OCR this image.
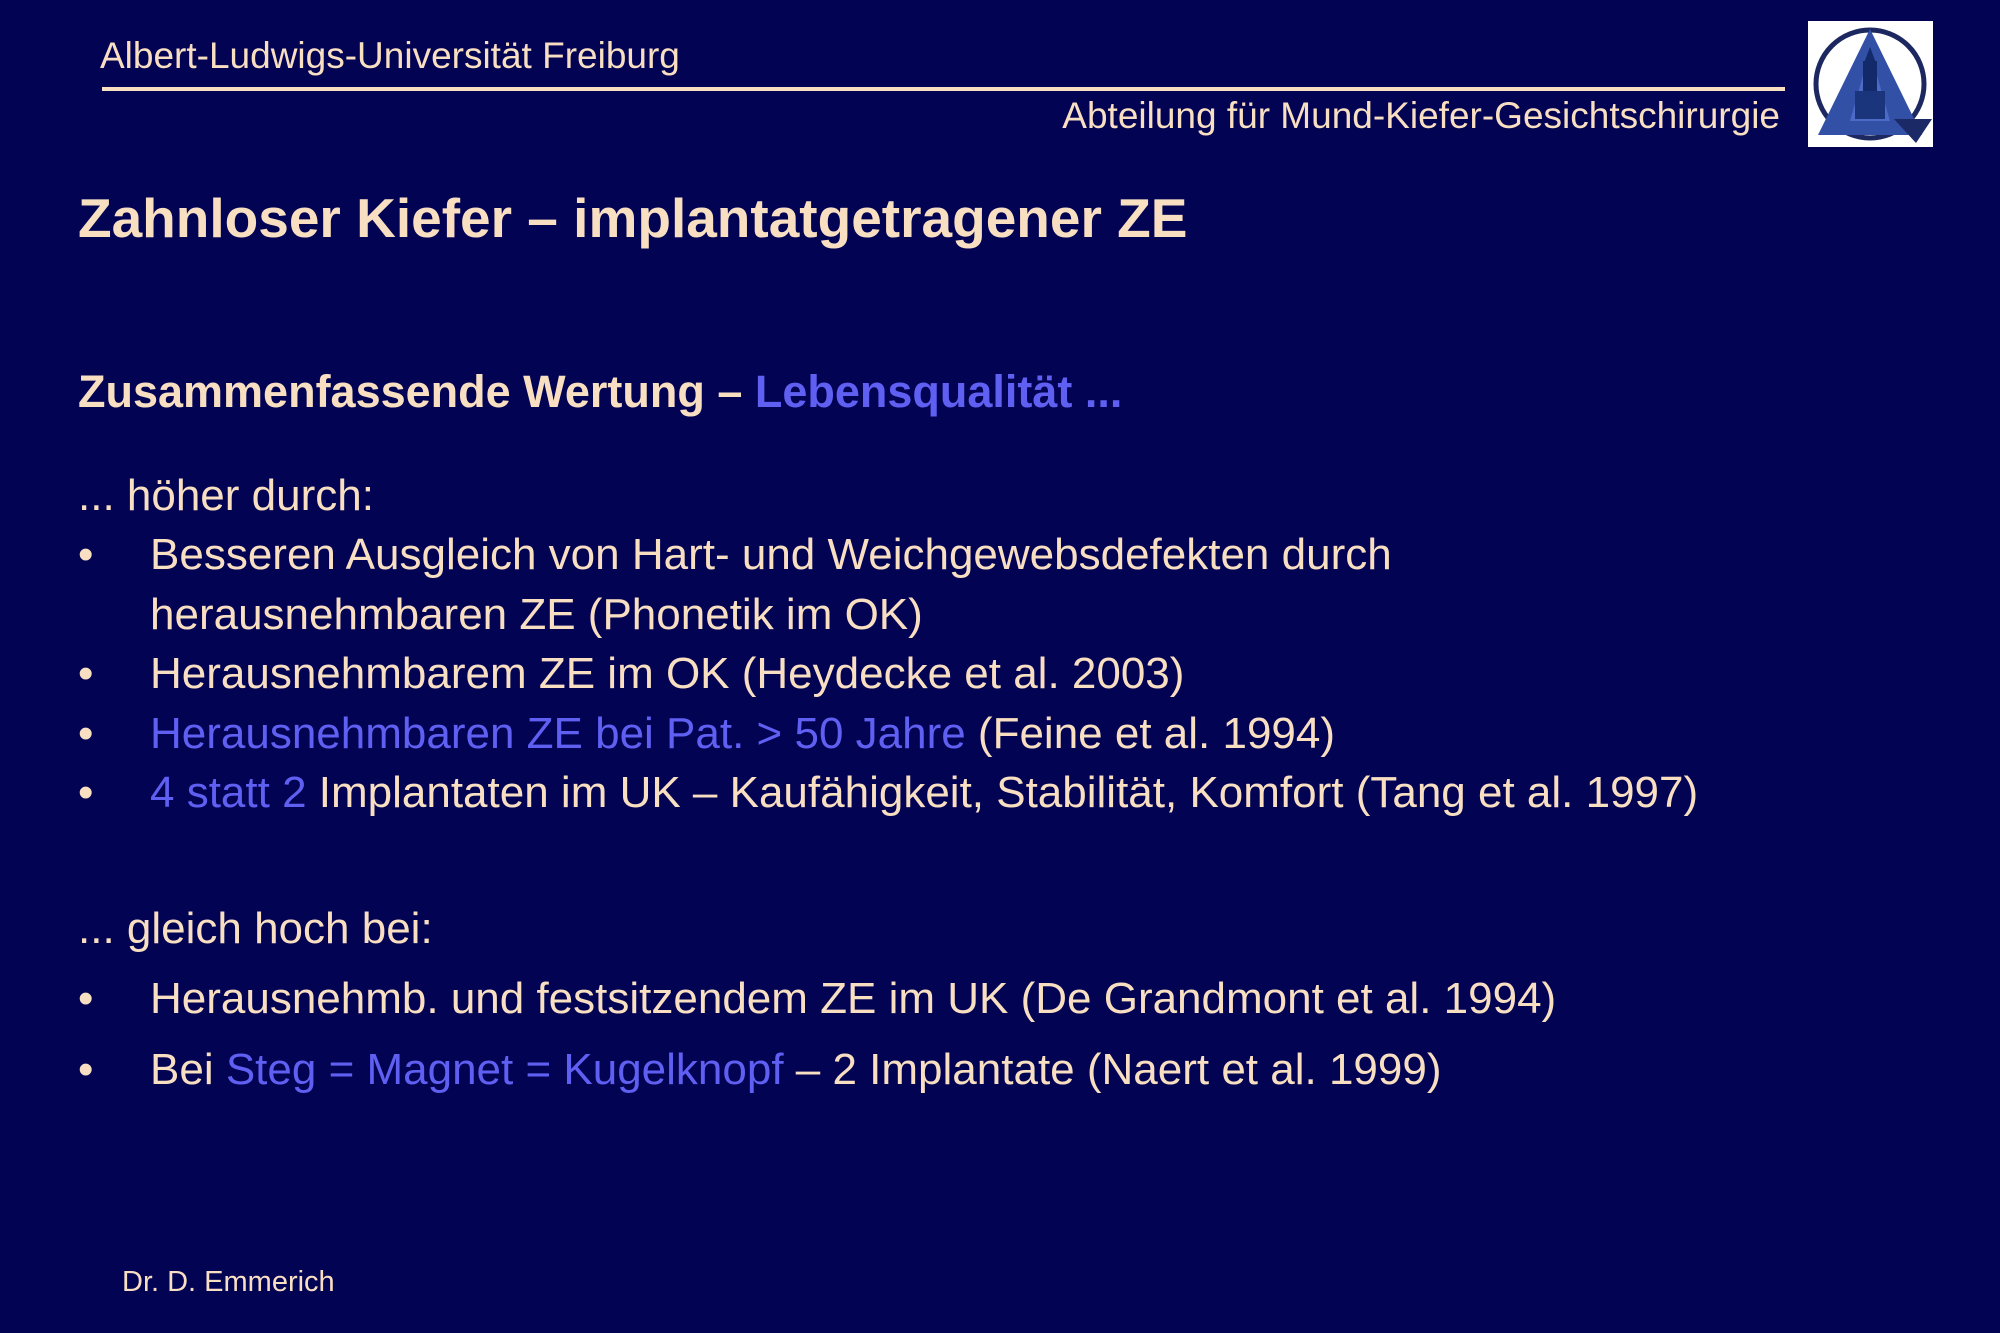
Albert-Ludwigs-Universität Freiburg
Abteilung für Mund-Kiefer-Gesichtschirurgie
Zahnloser Kiefer – implantatgetragener ZE
Zusammenfassende Wertung – Lebensqualität ...
... höher durch:
• Besseren Ausgleich von Hart- und Weichgewebsdefekten durch
herausnehmbaren ZE (Phonetik im OK)
• Herausnehmbarem ZE im OK (Heydecke et al. 2003)
• Herausnehmbaren ZE bei Pat. > 50 Jahre (Feine et al. 1994)
• 4 statt 2 Implantaten im UK – Kaufähigkeit, Stabilität, Komfort (Tang et al. 1997)
... gleich hoch bei:
• Herausnehmb. und festsitzendem ZE im UK (De Grandmont et al. 1994)
• Bei Steg = Magnet = Kugelknopf – 2 Implantate (Naert et al. 1999)
Dr. D. Emmerich
